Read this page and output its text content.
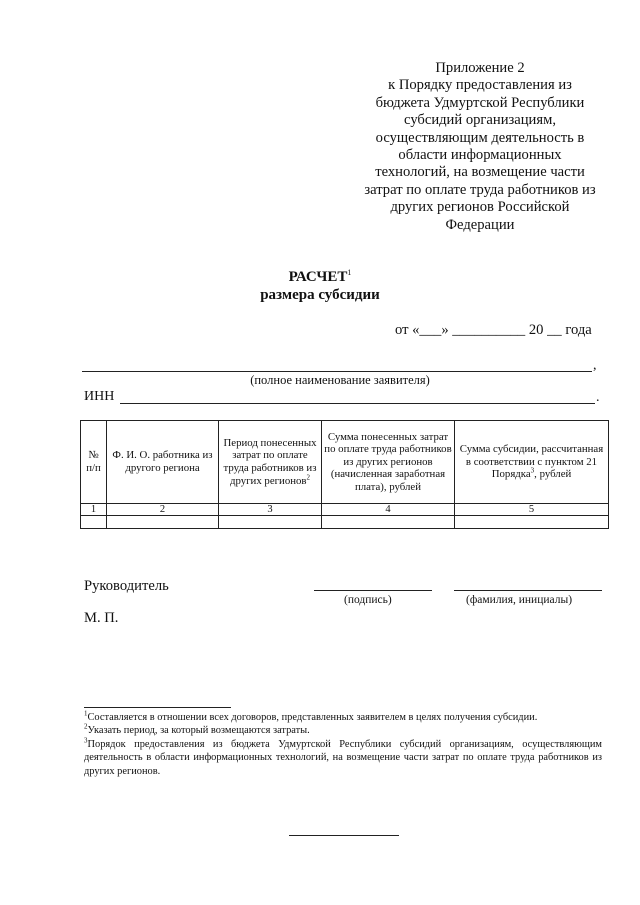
Приложение 2
к Порядку предоставления из
бюджета Удмуртской Республики
субсидий организациям,
осуществляющим деятельность в
области информационных
технологий, на возмещение части
затрат по оплате труда работников из
других регионов Российской
Федерации
РАСЧЕТ$^1$
размера субсидии
от «___» __________ 20 __ года
,
(полное наименование заявителя)
ИНН	.
№ п/п	Ф. И. О. работника из другого региона	Период понесенных затрат по оплате труда работников из других регионов$^2$	Сумма понесенных затрат по оплате труда работников из других регионов (начисленная заработная плата), рублей	Сумма субсидии, рассчитанная в соответствии с пунктом 21 Порядка$^3$, рублей
1	2	3	4	5

Руководитель
(подпись)	(фамилия, инициалы)
М. П.

$^1$Составляется в отношении всех договоров, представленных заявителем в целях получения субсидии.

$^2$Указать период, за который возмещаются затраты.

$^3$Порядок предоставления из бюджета Удмуртской Республики субсидий организациям, осуществляющим деятельность в области информационных технологий, на возмещение части затрат по оплате труда работников из других регионов.
